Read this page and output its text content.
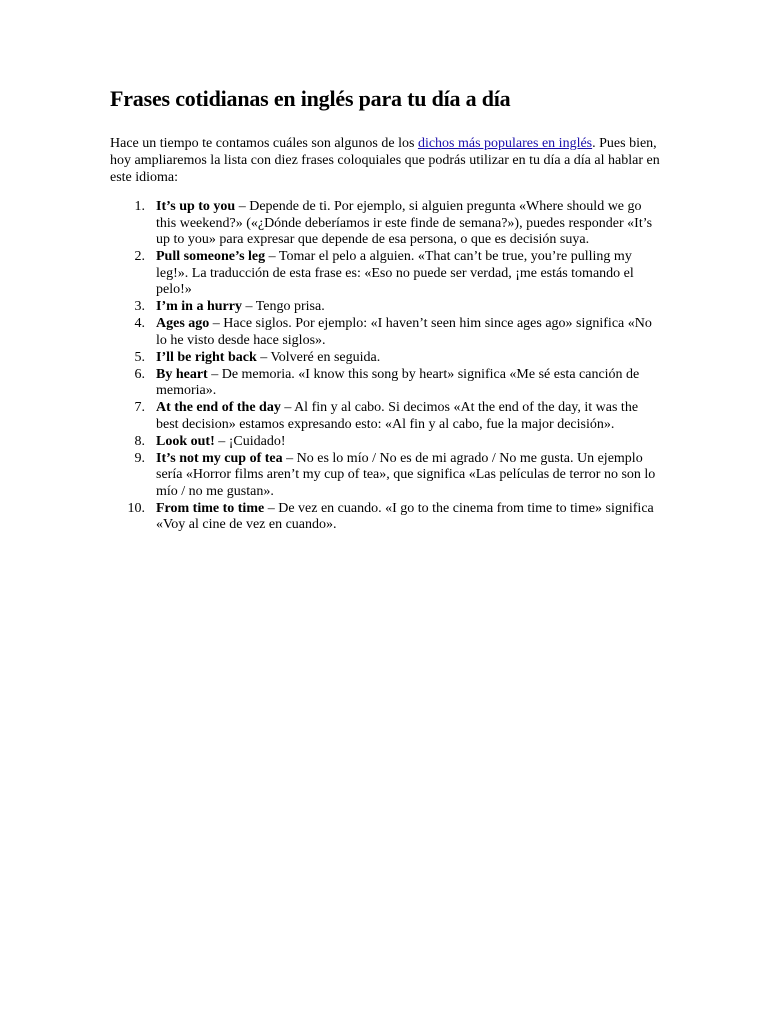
Frases cotidianas en inglés para tu día a día

Hace un tiempo te contamos cuáles son algunos de los dichos más populares en inglés. Pues bien, hoy ampliaremos la lista con diez frases coloquiales que podrás utilizar en tu día a día al hablar en este idioma:

1. It’s up to you – Depende de ti. Por ejemplo, si alguien pregunta «Where should we go this weekend?» («¿Dónde deberíamos ir este finde de semana?»), puedes responder «It’s up to you» para expresar que depende de esa persona, o que es decisión suya.
2. Pull someone’s leg – Tomar el pelo a alguien. «That can’t be true, you’re pulling my leg!». La traducción de esta frase es: «Eso no puede ser verdad, ¡me estás tomando el pelo!»
3. I’m in a hurry – Tengo prisa.
4. Ages ago – Hace siglos. Por ejemplo: «I haven’t seen him since ages ago» significa «No lo he visto desde hace siglos».
5. I’ll be right back – Volveré en seguida.
6. By heart – De memoria. «I know this song by heart» significa «Me sé esta canción de memoria».
7. At the end of the day – Al fin y al cabo. Si decimos «At the end of the day, it was the best decision» estamos expresando esto: «Al fin y al cabo, fue la major decisión».
8. Look out! – ¡Cuidado!
9. It’s not my cup of tea – No es lo mío / No es de mi agrado / No me gusta. Un ejemplo sería «Horror films aren’t my cup of tea», que significa «Las películas de terror no son lo mío / no me gustan».
10. From time to time – De vez en cuando. «I go to the cinema from time to time» significa «Voy al cine de vez en cuando».
